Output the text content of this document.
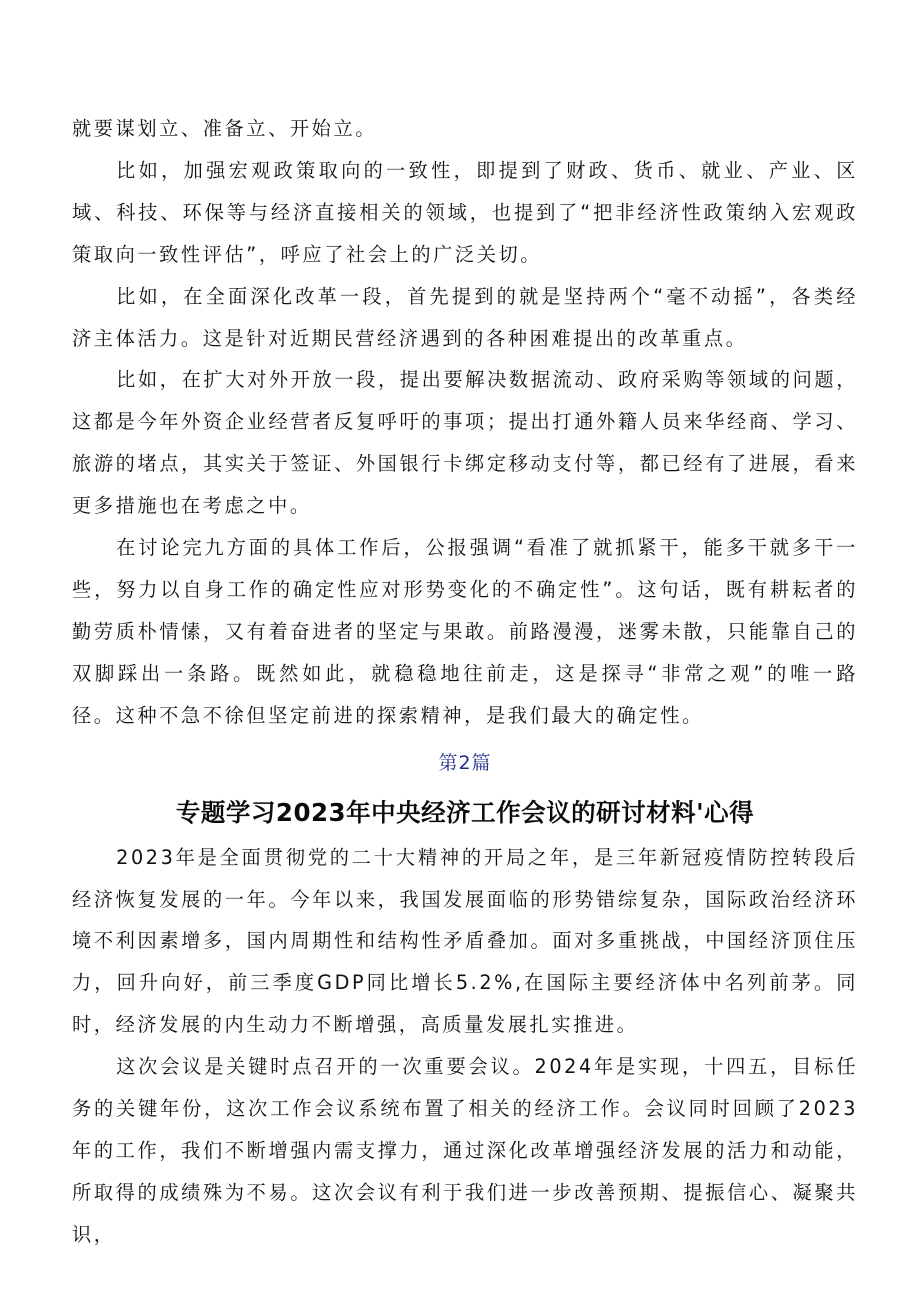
就要谋划立、准备立、开始立。

比如，加强宏观政策取向的一致性，即提到了财政、货币、就业、产业、区域、科技、环保等与经济直接相关的领域，也提到了“把非经济性政策纳入宏观政策取向一致性评估”，呼应了社会上的广泛关切。

比如，在全面深化改革一段，首先提到的就是坚持两个“毫不动摇”，各类经济主体活力。这是针对近期民营经济遇到的各种困难提出的改革重点。

比如，在扩大对外开放一段，提出要解决数据流动、政府采购等领域的问题，这都是今年外资企业经营者反复呼吁的事项；提出打通外籍人员来华经商、学习、旅游的堵点，其实关于签证、外国银行卡绑定移动支付等，都已经有了进展，看来更多措施也在考虑之中。

在讨论完九方面的具体工作后，公报强调“看准了就抓紧干，能多干就多干一些，努力以自身工作的确定性应对形势变化的不确定性”。这句话，既有耕耘者的勤劳质朴情愫，又有着奋进者的坚定与果敢。前路漫漫，迷雾未散，只能靠自己的双脚踩出一条路。既然如此，就稳稳地往前走，这是探寻“非常之观”的唯一路径。这种不急不徐但坚定前进的探索精神，是我们最大的确定性。

第2篇

专题学习2023年中央经济工作会议的研讨材料'心得

2023年是全面贯彻党的二十大精神的开局之年，是三年新冠疫情防控转段后经济恢复发展的一年。今年以来，我国发展面临的形势错综复杂，国际政治经济环境不利因素增多，国内周期性和结构性矛盾叠加。面对多重挑战，中国经济顶住压力，回升向好，前三季度GDP同比增长5.2%,在国际主要经济体中名列前茅。同时，经济发展的内生动力不断增强，高质量发展扎实推进。

这次会议是关键时点召开的一次重要会议。2024年是实现，十四五，目标任务的关键年份，这次工作会议系统布置了相关的经济工作。会议同时回顾了2023年的工作，我们不断增强内需支撑力，通过深化改革增强经济发展的活力和动能，所取得的成绩殊为不易。这次会议有利于我们进一步改善预期、提振信心、凝聚共识，
